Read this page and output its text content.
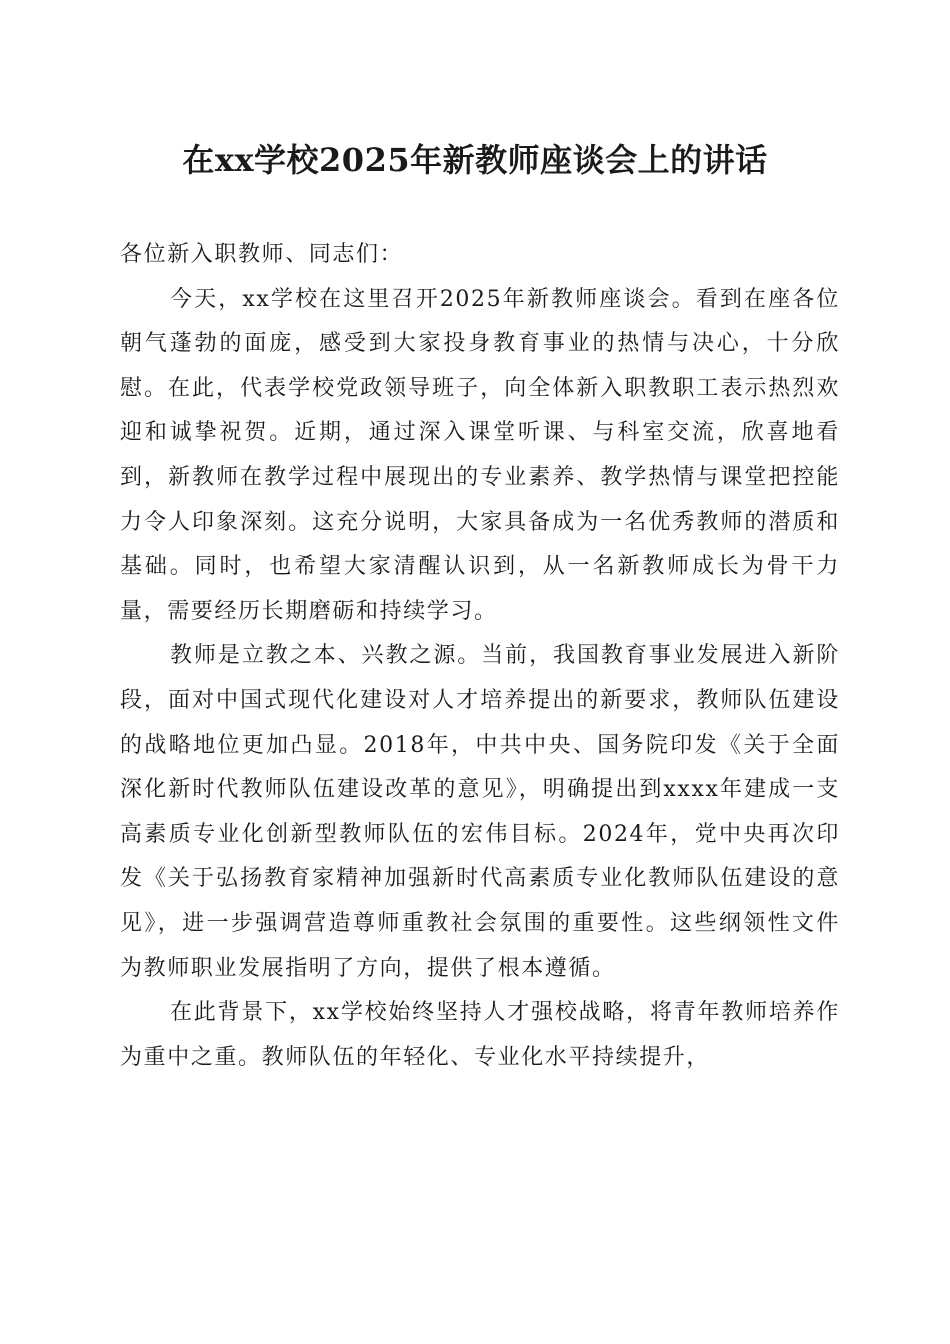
在xx学校2025年新教师座谈会上的讲话

各位新入职教师、同志们：

今天，xx学校在这里召开2025年新教师座谈会。看到在座各位朝气蓬勃的面庞，感受到大家投身教育事业的热情与决心，十分欣慰。在此，代表学校党政领导班子，向全体新入职教职工表示热烈欢迎和诚挚祝贺。近期，通过深入课堂听课、与科室交流，欣喜地看到，新教师在教学过程中展现出的专业素养、教学热情与课堂把控能力令人印象深刻。这充分说明，大家具备成为一名优秀教师的潜质和基础。同时，也希望大家清醒认识到，从一名新教师成长为骨干力量，需要经历长期磨砺和持续学习。

教师是立教之本、兴教之源。当前，我国教育事业发展进入新阶段，面对中国式现代化建设对人才培养提出的新要求，教师队伍建设的战略地位更加凸显。2018年，中共中央、国务院印发《关于全面深化新时代教师队伍建设改革的意见》，明确提出到xxxx年建成一支高素质专业化创新型教师队伍的宏伟目标。2024年，党中央再次印发《关于弘扬教育家精神加强新时代高素质专业化教师队伍建设的意见》，进一步强调营造尊师重教社会氛围的重要性。这些纲领性文件为教师职业发展指明了方向，提供了根本遵循。

在此背景下，xx学校始终坚持人才强校战略，将青年教师培养作为重中之重。教师队伍的年轻化、专业化水平持续提升，
